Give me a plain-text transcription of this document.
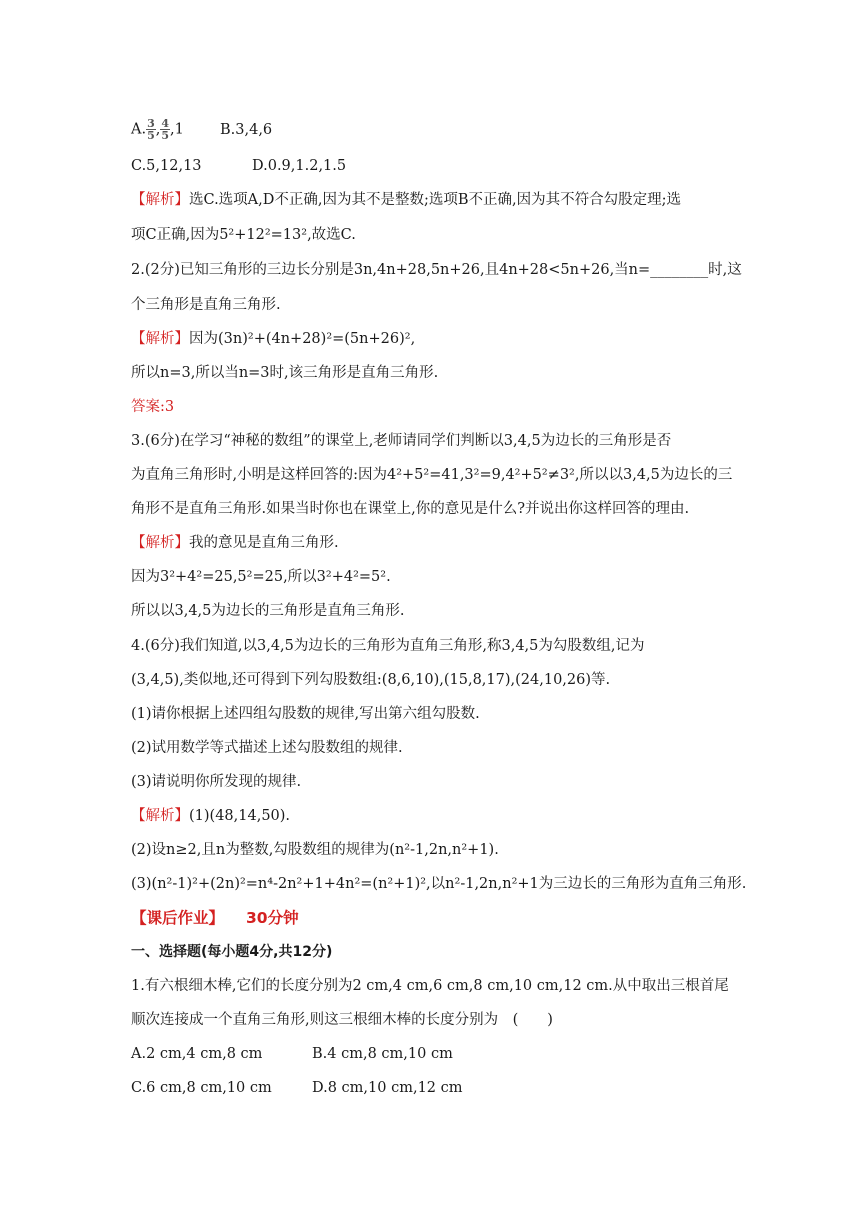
A. $\frac{3}{5}$ , $\frac{4}{5} ,1$ B.3,4,6
C.5,12,13	D.0.9,1.2,1.5
【解析】选C.选项A,D不正确,因为其不是整数;选项B不正确,因为其不符合勾股定理;选
项C正确,因为5²+12²=13²,故选C.
2.(2分)已知三角形的三边长分别是3n,4n+28,5n+26,且4n+28<5n+26,当n=________时,这
个三角形是直角三角形.
【解析】因为(3n)²+(4n+28)²=(5n+26)²,
所以n=3,所以当n=3时,该三角形是直角三角形.
答案:3
3.(6分)在学习“神秘的数组”的课堂上,老师请同学们判断以3,4,5为边长的三角形是否
为直角三角形时,小明是这样回答的:因为4²+5²=41,3²=9,4²+5²≠3²,所以以3,4,5为边长的三
角形不是直角三角形.如果当时你也在课堂上,你的意见是什么?并说出你这样回答的理由.
【解析】我的意见是直角三角形.
因为3²+4²=25,5²=25,所以3²+4²=5².
所以以3,4,5为边长的三角形是直角三角形.
4.(6分)我们知道,以3,4,5为边长的三角形为直角三角形,称3,4,5为勾股数组,记为
(3,4,5),类似地,还可得到下列勾股数组:(8,6,10),(15,8,17),(24,10,26)等.
(1)请你根据上述四组勾股数的规律,写出第六组勾股数.
(2)试用数学等式描述上述勾股数组的规律.
(3)请说明你所发现的规律.
【解析】(1)(48,14,50).
(2)设n≥2,且n为整数,勾股数组的规律为(n²-1,2n,n²+1).
(3)(n²-1)²+(2n)²=n⁴-2n²+1+4n²=(n²+1)²,以n²-1,2n,n²+1为三边长的三角形为直角三角形.
【课后作业】 30分钟
一、选择题(每小题4分,共12分)
1.有六根细木棒,它们的长度分别为2 cm,4 cm,6 cm,8 cm,10 cm,12 cm.从中取出三根首尾
顺次连接成一个直角三角形,则这三根细木棒的长度分别为　(　　)
A.2 cm,4 cm,8 cm	B.4 cm,8 cm,10 cm
C.6 cm,8 cm,10 cm	D.8 cm,10 cm,12 cm
